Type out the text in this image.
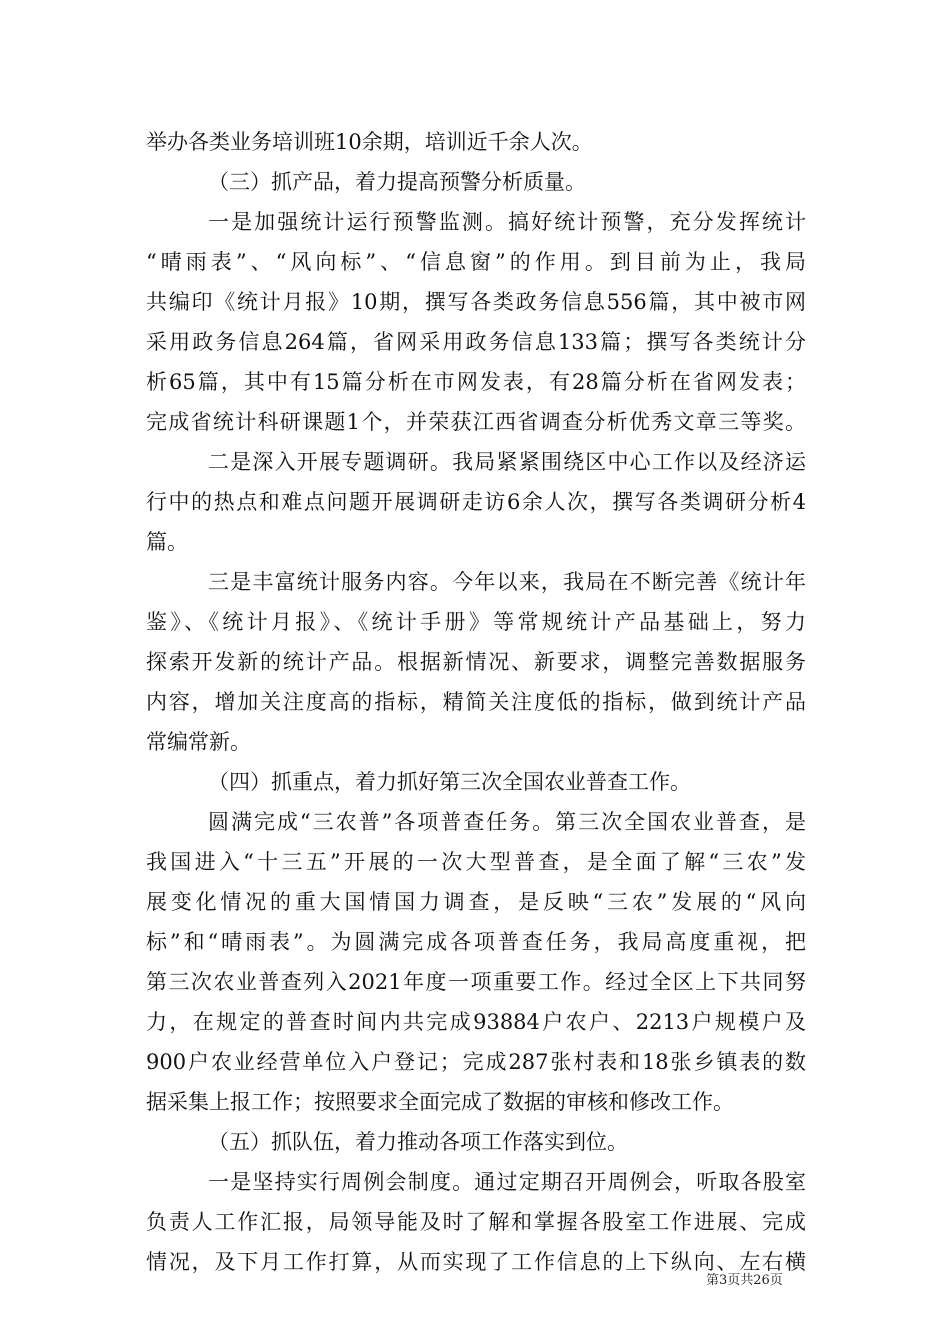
举办各类业务培训班10余期，培训近千余人次。
（三）抓产品，着力提高预警分析质量。
一是加强统计运行预警监测。搞好统计预警，充分发挥统计
“晴雨表”、“风向标”、“信息窗”的作用。到目前为止，我局
共编印《统计月报》10期，撰写各类政务信息556篇，其中被市网
采用政务信息264篇，省网采用政务信息133篇；撰写各类统计分
析65篇，其中有15篇分析在市网发表，有28篇分析在省网发表；
完成省统计科研课题1个，并荣获江西省调查分析优秀文章三等奖。
二是深入开展专题调研。我局紧紧围绕区中心工作以及经济运
行中的热点和难点问题开展调研走访6余人次，撰写各类调研分析4
篇。
三是丰富统计服务内容。今年以来，我局在不断完善《统计年
鉴》、《统计月报》、《统计手册》等常规统计产品基础上，努力
探索开发新的统计产品。根据新情况、新要求，调整完善数据服务
内容，增加关注度高的指标，精简关注度低的指标，做到统计产品
常编常新。
（四）抓重点，着力抓好第三次全国农业普查工作。
圆满完成“三农普”各项普查任务。第三次全国农业普查，是
我国进入“十三五”开展的一次大型普查，是全面了解“三农”发
展变化情况的重大国情国力调查，是反映“三农”发展的“风向
标”和“晴雨表”。为圆满完成各项普查任务，我局高度重视，把
第三次农业普查列入2021年度一项重要工作。经过全区上下共同努
力，在规定的普查时间内共完成93884户农户、2213户规模户及
900户农业经营单位入户登记；完成287张村表和18张乡镇表的数
据采集上报工作；按照要求全面完成了数据的审核和修改工作。
（五）抓队伍，着力推动各项工作落实到位。
一是坚持实行周例会制度。通过定期召开周例会，听取各股室
负责人工作汇报，局领导能及时了解和掌握各股室工作进展、完成
情况，及下月工作打算，从而实现了工作信息的上下纵向、左右横
第3页共26页
